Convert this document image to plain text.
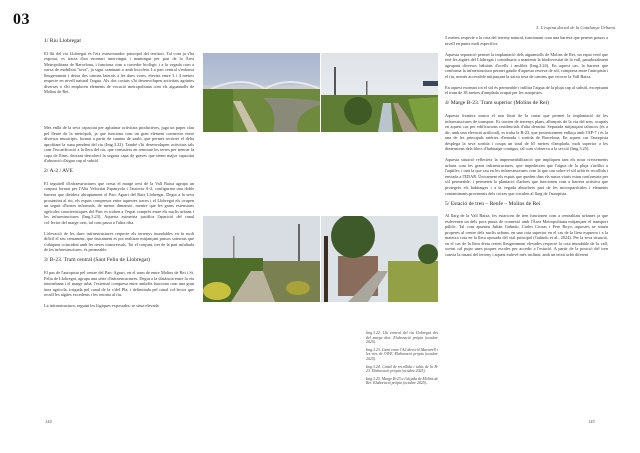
03	3. L'espina dorsal de la Catalunya Urbana
1/ Riu Llobregat

El llit del riu Llobregat és l'eix estructurador principal del territori. Tal com ja s'ha exposat, es tracta d'un escenari intervingut i mantingut per part de la Àrea Metropolitana de Barcelona, i funciona com a corredor biològic i a la vegada com a xarxa de mobilitat "tova", ja sigui caminant o amb bicicleta. La part central s'enfonsa lleugerament i deixa dos camins laterals a les dues vores, elevats entre 3 i 4 metres respecte en nivell natural l'aigua. Als dos costats s'hi desenvolupen activitats agràries diverses o s'hi emplacen elements de vocació metropolitana com els aiguamolls de Molins de Rei.

Més enllà de la seva capacitat per aglutinar activitats productives, juga un paper clau pel lleure de la metròpoli, ja que funciona com un gran element connector entre diversos municipis, format a partir de camins de sauló, que permet recórrer el delta aprofitant la suau pendent del riu (Img.3.22). També s'hi desenvolupen activitats tals com l'escarificació a la llera del riu, que consisteix en remoure les terres per trencar la capa de llims, deixant descobert la segona capa de graves que tenen major capacitat d'absorció d'aigua cap al subsòl.

2/ A-2 / AVE

El seguitell d'infraestructures que creua el marge oest de la Vall Baixa agrupa un conjunt format per l'Alta Velocitat Espanyola i l'autovia A-2, configurant una doble barrera que divideix abruptament el Parc Agrari del Baix Llobregat. Degut a la seva proximitat al riu, els espais compresos entre aquestes traces i el Llobregat els ocupen un seguit d'hortes informals, de menor dimensió, mentre que les grans extensions agrícoles característiques del Parc es troben a l'espai comprès entre els nuclis urbans i les infraestructures (Img.3.23). Aquesta asimetria justifica l'aparició del canal col·lector del marge oest, tal com passa a l'altra riba.

L'elevació de les dues infraestructures respecte els terrenys inundables en fa molt difícil el seu creuament, que únicament es pot realitzar mitjançant passos soterrats que s'ubiquen coincidint amb les rieres transversals. Tot el conjunt, tret de la part asfaltada de les infraestructures, és permeable.

3/ B-23. Tram central (Sant Feliu de Llobregat)

El pas de l'autopista pel centre del Parc Agrari, en el tram de entre Molins de Rei i St. Feliu de Llobregat, agrupa una sèrie d'infraestructures. Degut a la distància entre la via interurbana i el marge urbà, l'extensió compresa entre ambdós funciona com una gran àrea agrícola, irrigada pel canal de la c/del Pla, i delimitada pel canal col·lector que recull les aigües excedents i les retorna al riu.

La infraestructura, seguint les lògiques exposades, se situa elevada

Img.3.22. Llit central del riu Llobregat des del marge dret. Elaboració pròpia (octubre 2025).

Img.3.23. Camí entre l'A2 direcció Martorell i les vies de l'AVE. Elaboració pròpia (octubre 2025).

Img.3.24. Canal de recollida i talús de la B-23. Elaboració pròpia (octubre 2025).

Img.3.25. Marge B-23 a l'alçada de Molins de Rei. Elaboració pròpia (octubre 2025).

5 metres respecte a la cota del terreny natural, funcionant com una barrera que permet passos a nivell en punts molt específics.

Aquesta separació permet la implantació dels aiguamolls de Molins de Rei, un espai verd que reté les aigües del Llobregat i contribueix a mantenir la biodiversitat de la vall, paradoxalment agrupant diversos hàbitats d'ocells i amfibis (Img.3.24). En aquest cas, la barrera que conforma la infraestructura permet gaudir d'aquesta reserva de sòl, compresa entre l'autopista i el riu, només accessible mitjançant la xarxa tova de camins que recorre la Vall Baixa.

En aquest escenari tot el sòl és permeable i infiltra l'aigua de la pluja cap al subsòl, exceptuant el tram de 38 metres d'amplada ocupat per les autopistes.

4/ Marge B-23. Tram superior (Molins de Rei)

Aquesta frontera marca el nou límit de la ciutat que permet la implantació de les infraestructures de transport. Es tracten de terrenys plans, allunyats de la via del tren, ocupats en aquest cas per edificacions residencials d'alta densitat. Separada mitjançant taluscos (és a dir, amb una elevació artificial), es troba la B-23, que posteriorment enllaça amb l'AP-7 i és la una de les principals artèries d'entrada i sortida de Barcelona. En aquest cas l'autopista desplega la seva sortida i ocupa un total de 65 metres d'amplada, molt superior a les dimensions dels blocs d'habitatge contigus, tal com s'observa a la secció (Img.3.25).

Aquesta situació reflecteix la impermeabilització que impliquen tant els nous creixements urbans com les grans infraestructures, que impedeixen que l'aigua de la pluja s'infiltri a l'aqüífer, i tant la que cau en les infraestructures com la que cau sobre el sòl urbà és recollida i enviada a l'EDAR. Únicament els espais que queden dins els nusos viaris estan conformats per sòl permeable, i permeten la plantació d'arbres que funcionen com a barrera acústica que protegeix els habitatges i a la vegada absorbeix part de les micropartícules i elements contaminants provinents dels cotxes que circulen al llarg de l'autopista.

5/ Estació de tren – Renfe – Molins de Rei

Al llarg de la Vall Baixa, les estacions de tren funcionen com a centralitats urbanes ja que esdevenen un dels pocs punts de connexió amb l'Àrea Metropolitana mitjançant el transport públic. Tal com apunten Julián Galindo, Carles Crosas i Pere Royo, aquestes se situen properes al centre dels nuclis urbans, en una cota superior en el cas de la llera esquerra i a la mateixa cota en la llera oposada del vial principal (Galindo et al., 2024). Per la seva situació, en el cas de la llera dreta resten lleugerament elevades respecte la cota inundable de la vall, sovint cal pujar unes poques escales per accedir a l'estació. A partir de la posició del tren canvia la rasant del terreny i aquest esdevé més inclinat, amb un teixit urbà diferent

144	145
